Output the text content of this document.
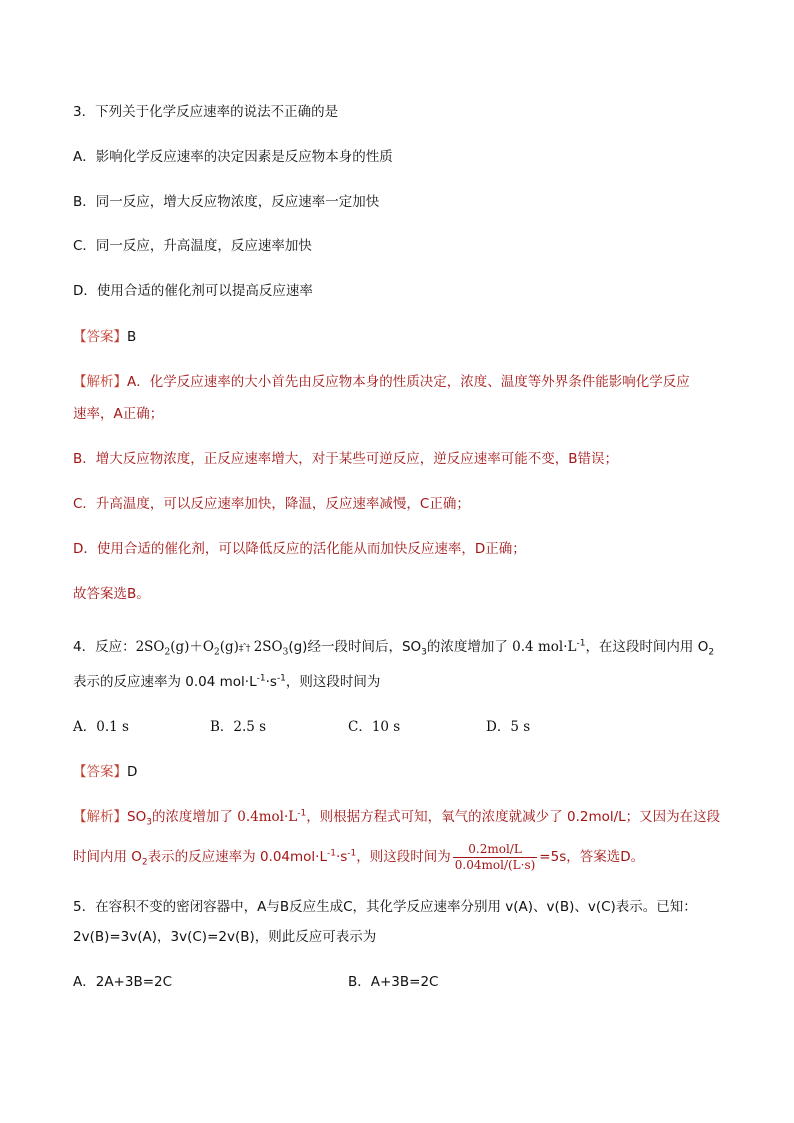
3．下列关于化学反应速率的说法不正确的是
A．影响化学反应速率的决定因素是反应物本身的性质
B．同一反应，增大反应物浓度，反应速率一定加快
C．同一反应，升高温度，反应速率加快
D．使用合适的催化剂可以提高反应速率
【答案】B
【解析】A．化学反应速率的大小首先由反应物本身的性质决定，浓度、温度等外界条件能影响化学反应
速率，A正确；
B．增大反应物浓度，正反应速率增大，对于某些可逆反应，逆反应速率可能不变，B错误；
C．升高温度，可以反应速率加快，降温，反应速率减慢，C正确；
D．使用合适的催化剂，可以降低反应的活化能从而加快反应速率，D正确；
故答案选B。
4．反应：$2SO_2(g)+O_2(g)\ddagger ˆ\dagger$ $2SO_3(g)$经一段时间后，$SO_3$的浓度增加了 0.4 $mol\cdot L^{-1}$，在这段时间内用 $O_2$
表示的反应速率为 0.04 $mol\cdot L^{-1}\cdot s^{-1}$，则这段时间为
A．0.1 s	B．2.5 s	C．10 s	D．5 s
【答案】D
【解析】$SO_3$的浓度增加了 $0.4mol\cdot L^{-1}$，则根据方程式可知，氧气的浓度就减少了 0.2mol/L；又因为在这段
时间内用 $O_2$表示的反应速率为 $0.04mol\cdot L^{-1}\cdot s^{-1}$，则这段时间为 $\frac{\text{0.2mol/L}}{\text{0.04mol/(L·s)}} =5s$，答案选D。
5．在容积不变的密闭容器中，A与B反应生成C，其化学反应速率分别用 v(A)、v(B)、v(C)表示。已知：
2v(B)=3v(A)，3v(C)=2v(B)，则此反应可表示为
A．2A+3B=2C	B．A+3B=2C
